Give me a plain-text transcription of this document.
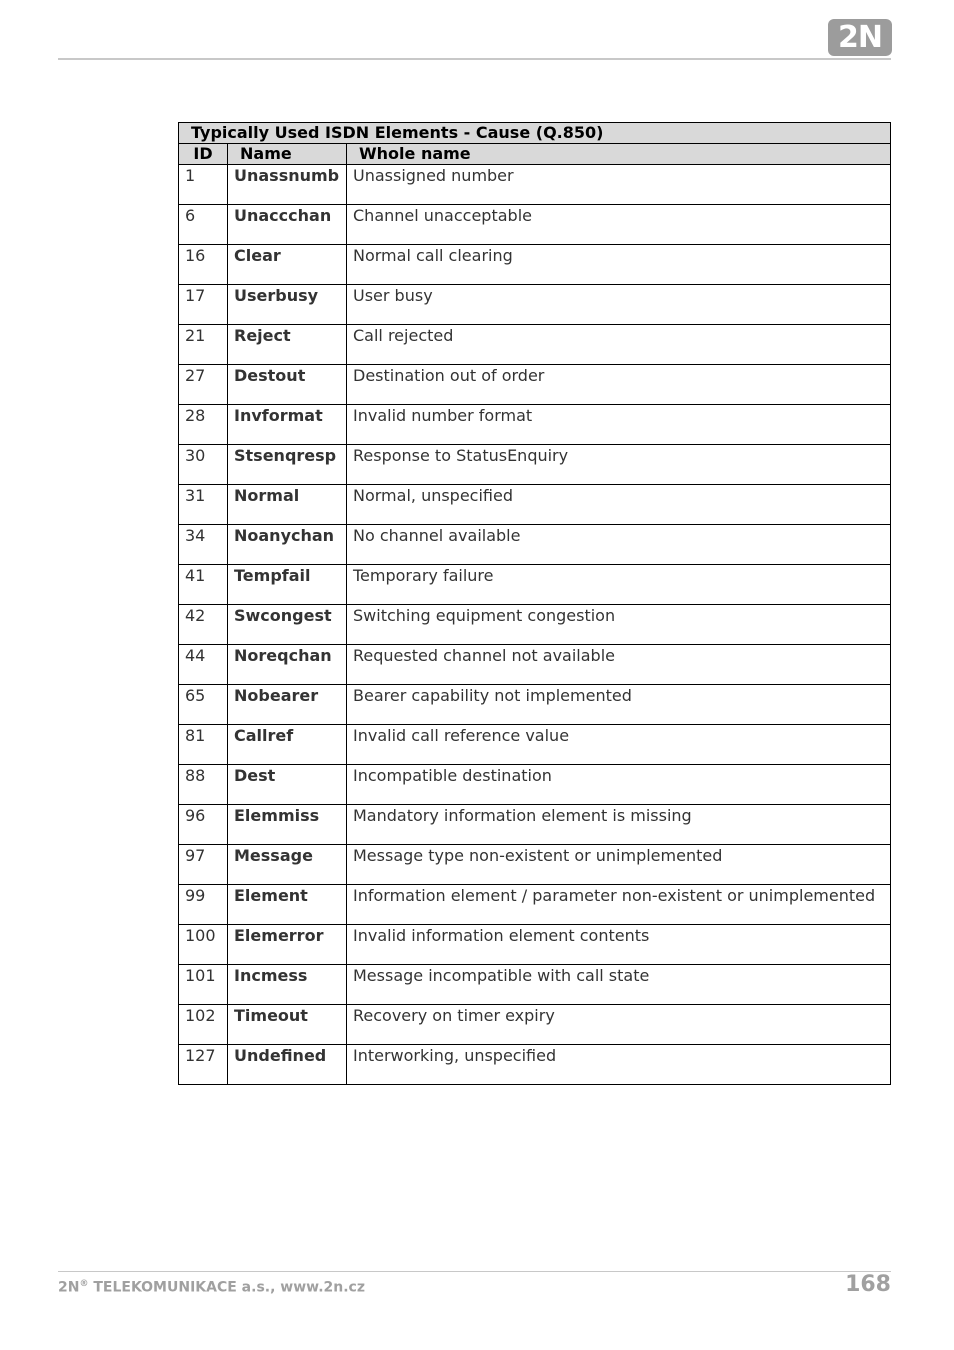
2N
Typically Used ISDN Elements - Cause (Q.850)		
ID	Name	Whole name
1	Unassnumb	Unassigned number
6	Unaccchan	Channel unacceptable
16	Clear	Normal call clearing
17	Userbusy	User busy
21	Reject	Call rejected
27	Destout	Destination out of order
28	Invformat	Invalid number format
30	Stsenqresp	Response to StatusEnquiry
31	Normal	Normal, unspecified
34	Noanychan	No channel available
41	Tempfail	Temporary failure
42	Swcongest	Switching equipment congestion
44	Noreqchan	Requested channel not available
65	Nobearer	Bearer capability not implemented
81	Callref	Invalid call reference value
88	Dest	Incompatible destination
96	Elemmiss	Mandatory information element is missing
97	Message	Message type non-existent or unimplemented
99	Element	Information element / parameter non-existent or unimplemented
100	Elemerror	Invalid information element contents
101	Incmess	Message incompatible with call state
102	Timeout	Recovery on timer expiry
127	Undefined	Interworking, unspecified
2N® TELEKOMUNIKACE a.s., www.2n.cz	168
